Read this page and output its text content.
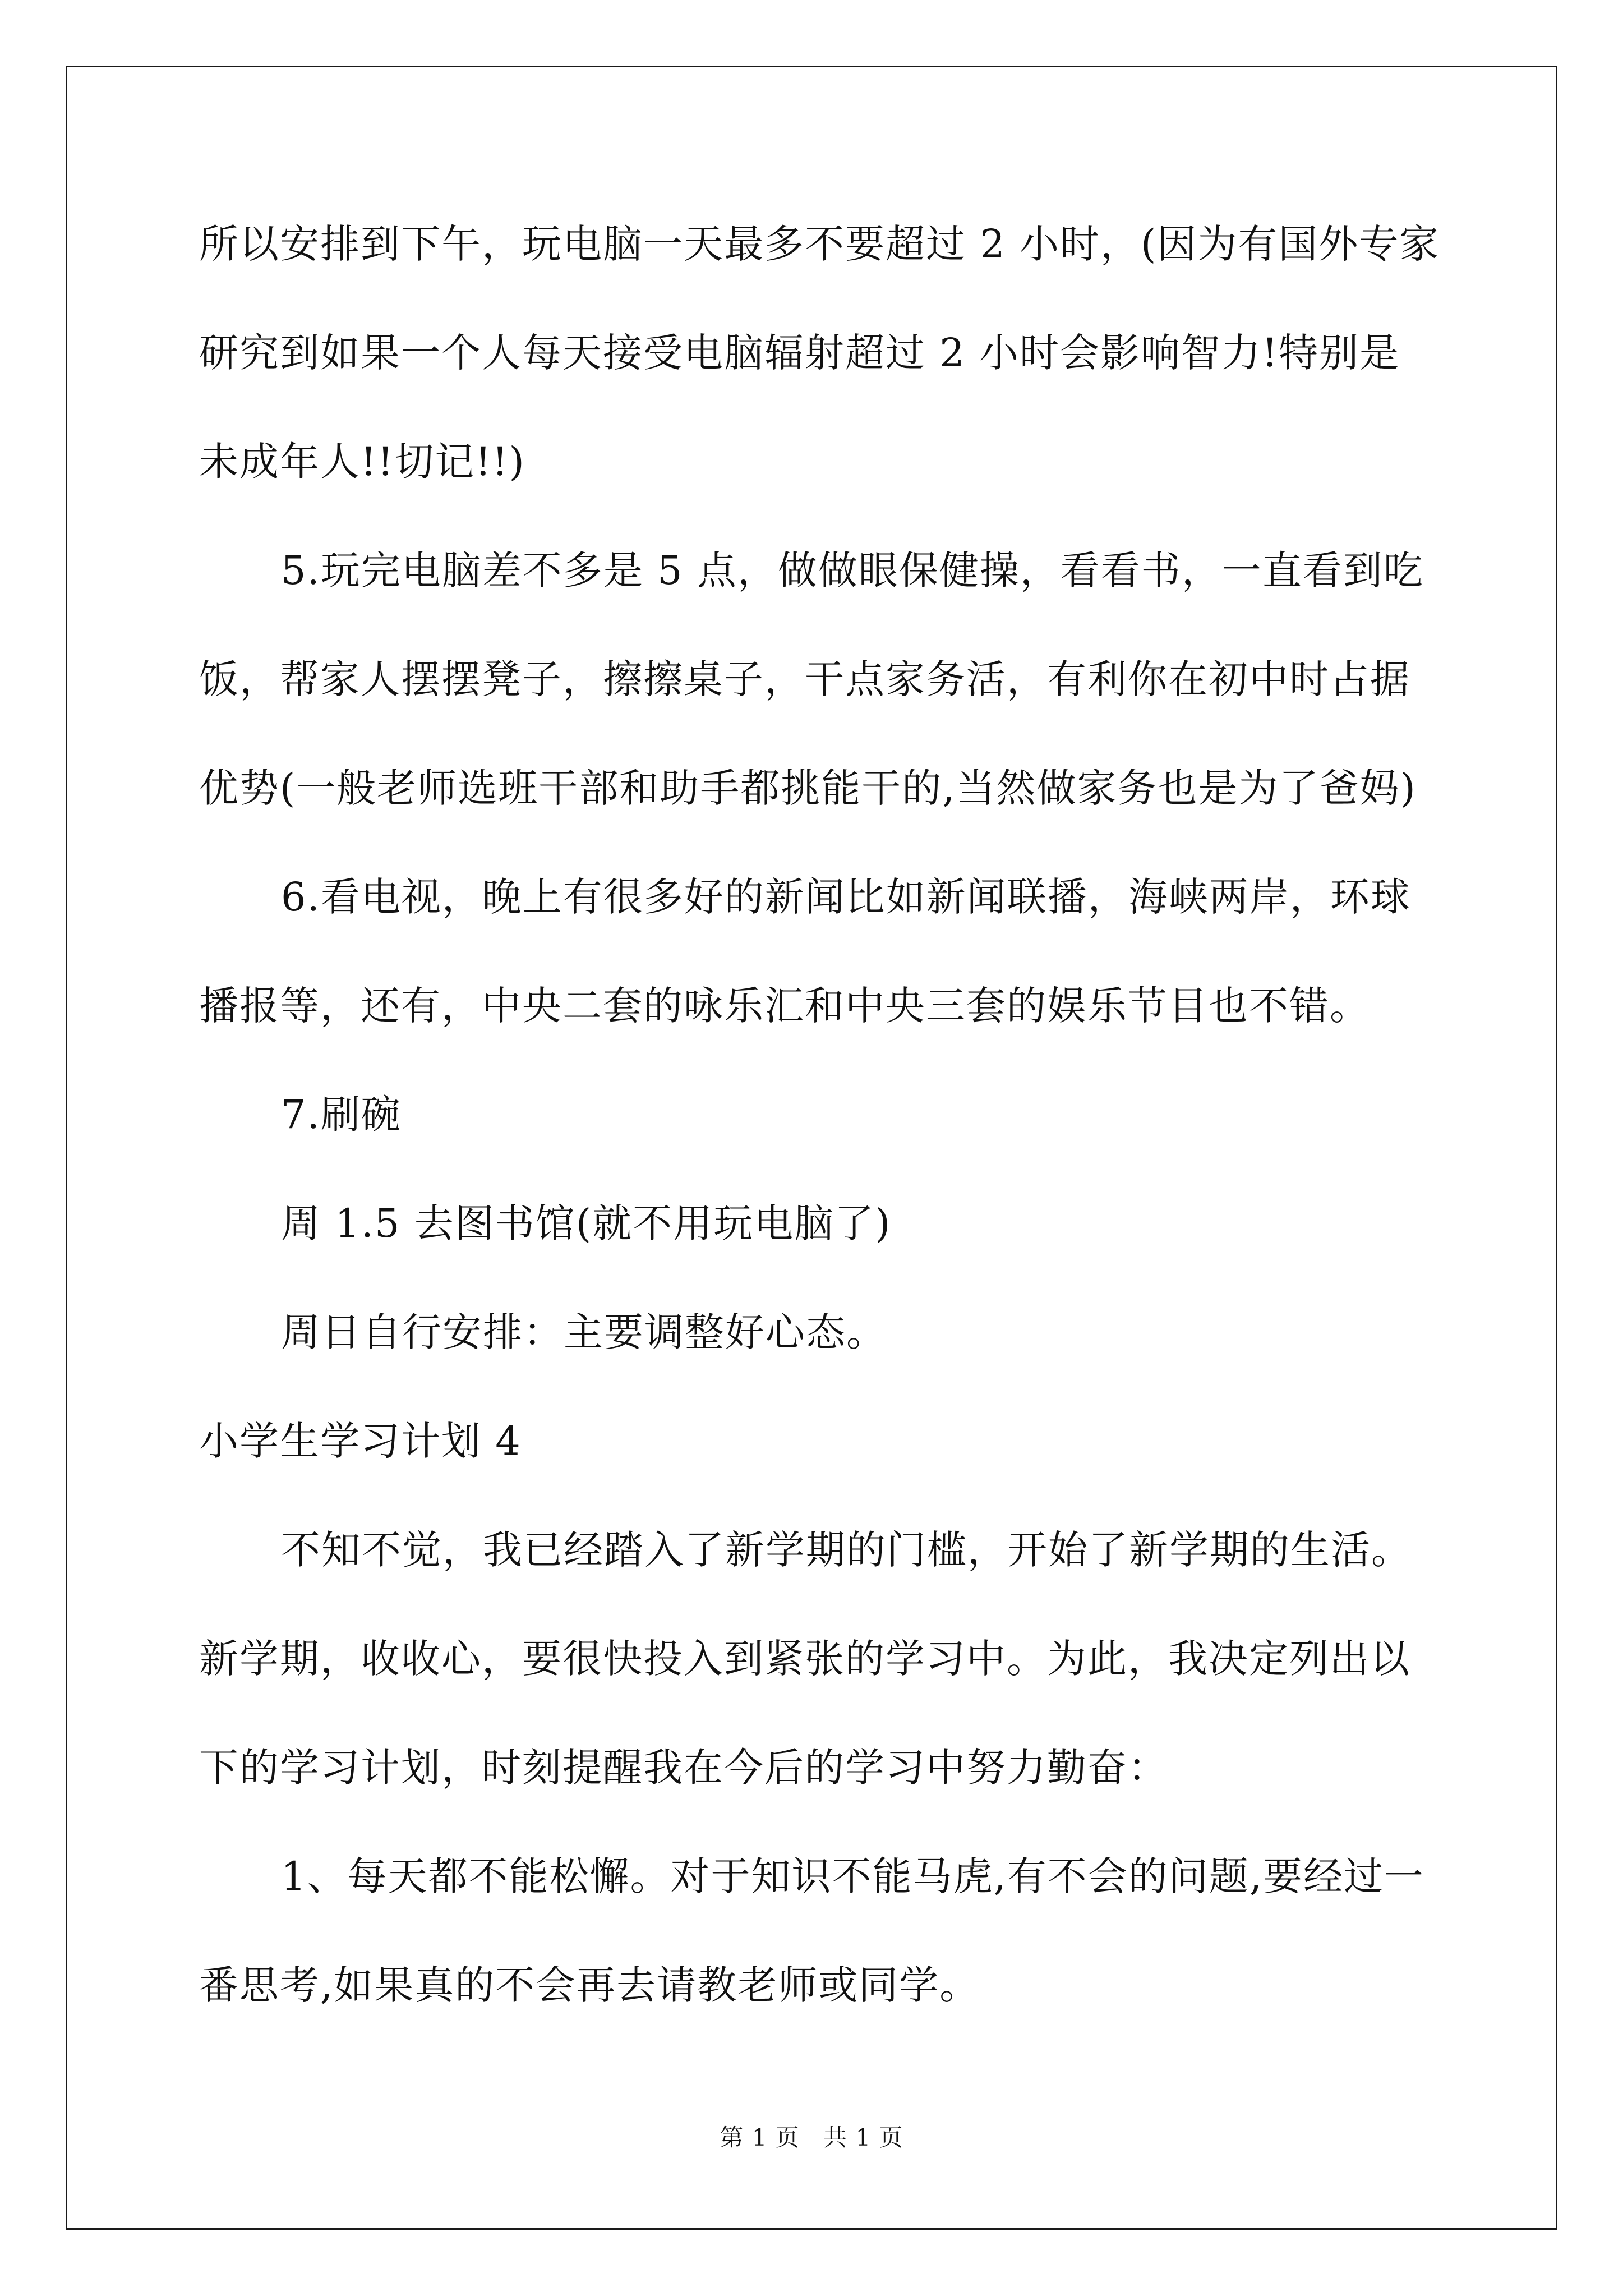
所以安排到下午，玩电脑一天最多不要超过 2 小时，(因为有国外专家
研究到如果一个人每天接受电脑辐射超过 2 小时会影响智力!特别是
未成年人!!切记!!)
5.玩完电脑差不多是 5 点，做做眼保健操，看看书，一直看到吃
饭，帮家人摆摆凳子，擦擦桌子，干点家务活，有利你在初中时占据
优势(一般老师选班干部和助手都挑能干的,当然做家务也是为了爸妈)
6.看电视，晚上有很多好的新闻比如新闻联播，海峡两岸，环球
播报等，还有，中央二套的咏乐汇和中央三套的娱乐节目也不错。
7.刷碗
周 1.5 去图书馆(就不用玩电脑了)
周日自行安排：主要调整好心态。
小学生学习计划 4
不知不觉，我已经踏入了新学期的门槛，开始了新学期的生活。
新学期，收收心，要很快投入到紧张的学习中。为此，我决定列出以
下的学习计划，时刻提醒我在今后的学习中努力勤奋：
1、每天都不能松懈。对于知识不能马虎,有不会的问题,要经过一
番思考,如果真的不会再去请教老师或同学。
第 1 页 共 1 页
